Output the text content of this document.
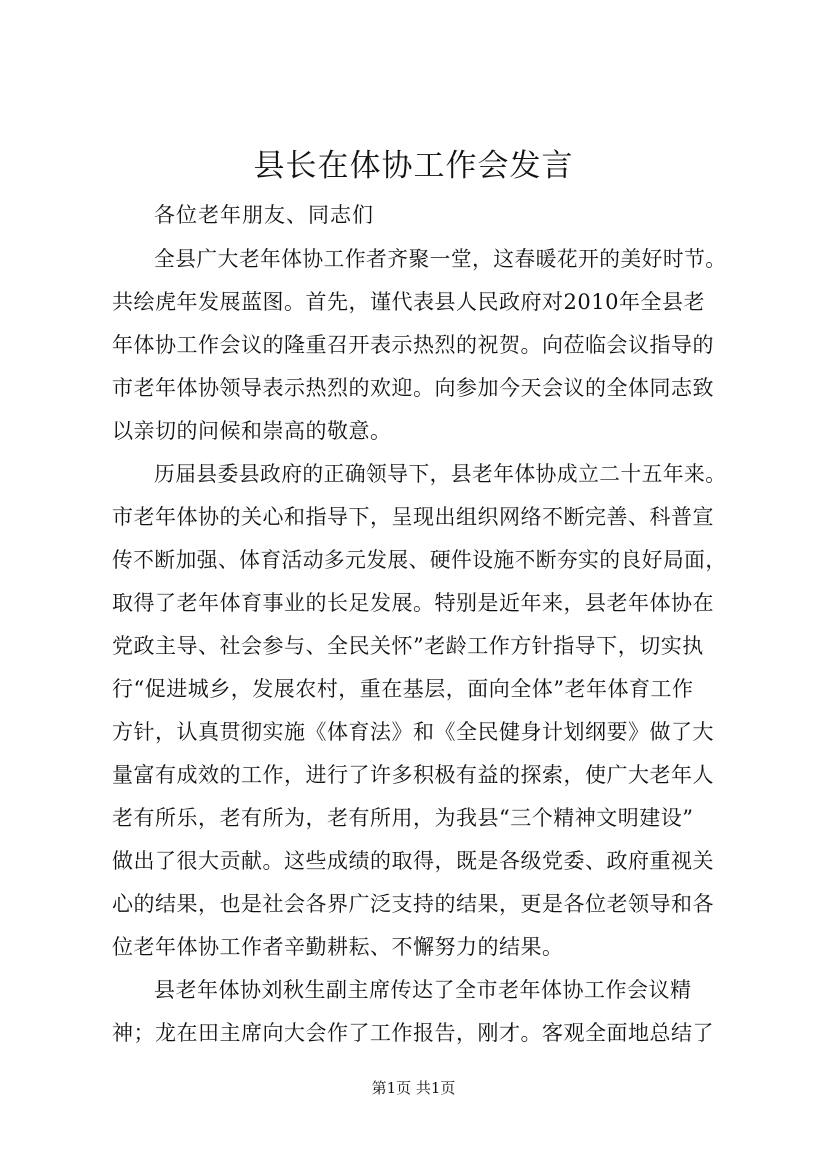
县长在体协工作会发言
各位老年朋友、同志们
全县广大老年体协工作者齐聚一堂，这春暖花开的美好时节。
共绘虎年发展蓝图。首先，谨代表县人民政府对2010年全县老
年体协工作会议的隆重召开表示热烈的祝贺。向莅临会议指导的
市老年体协领导表示热烈的欢迎。向参加今天会议的全体同志致
以亲切的问候和崇高的敬意。
历届县委县政府的正确领导下，县老年体协成立二十五年来。
市老年体协的关心和指导下，呈现出组织网络不断完善、科普宣
传不断加强、体育活动多元发展、硬件设施不断夯实的良好局面，
取得了老年体育事业的长足发展。特别是近年来，县老年体协在
党政主导、社会参与、全民关怀”老龄工作方针指导下，切实执
行“促进城乡，发展农村，重在基层，面向全体”老年体育工作
方针，认真贯彻实施《体育法》和《全民健身计划纲要》做了大
量富有成效的工作，进行了许多积极有益的探索，使广大老年人
老有所乐，老有所为，老有所用，为我县“三个精神文明建设”
做出了很大贡献。这些成绩的取得，既是各级党委、政府重视关
心的结果，也是社会各界广泛支持的结果，更是各位老领导和各
位老年体协工作者辛勤耕耘、不懈努力的结果。
县老年体协刘秋生副主席传达了全市老年体协工作会议精
神；龙在田主席向大会作了工作报告，刚才。客观全面地总结了
第1页 共1页
